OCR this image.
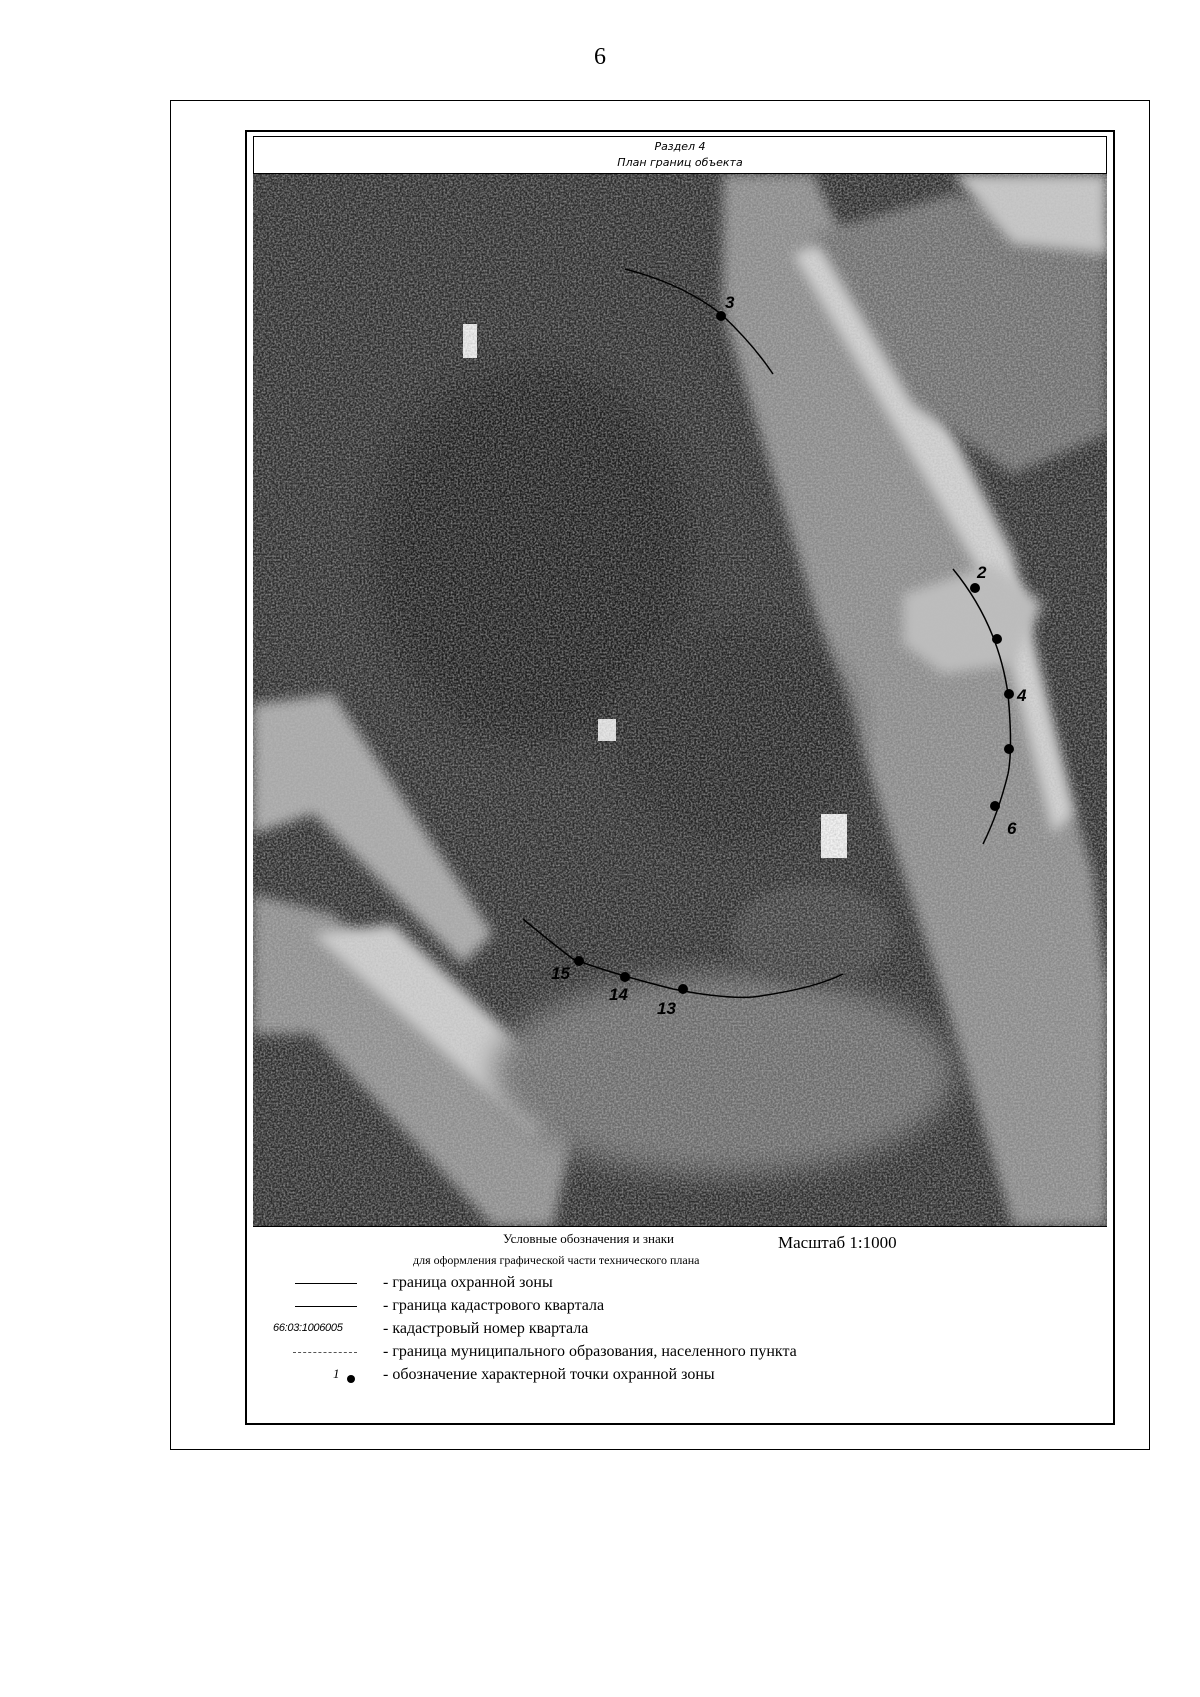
6
Раздел 4
План границ объекта
3
2
4
6
15
14
13
Условные обозначения и знаки	Масштаб 1:1000
для оформления графической части технического плана
- граница охранной зоны
- граница кадастрового квартала
66:03:1006005	- кадастровый номер квартала
- граница муниципального образования, населенного пункта
1	- обозначение характерной точки охранной зоны
